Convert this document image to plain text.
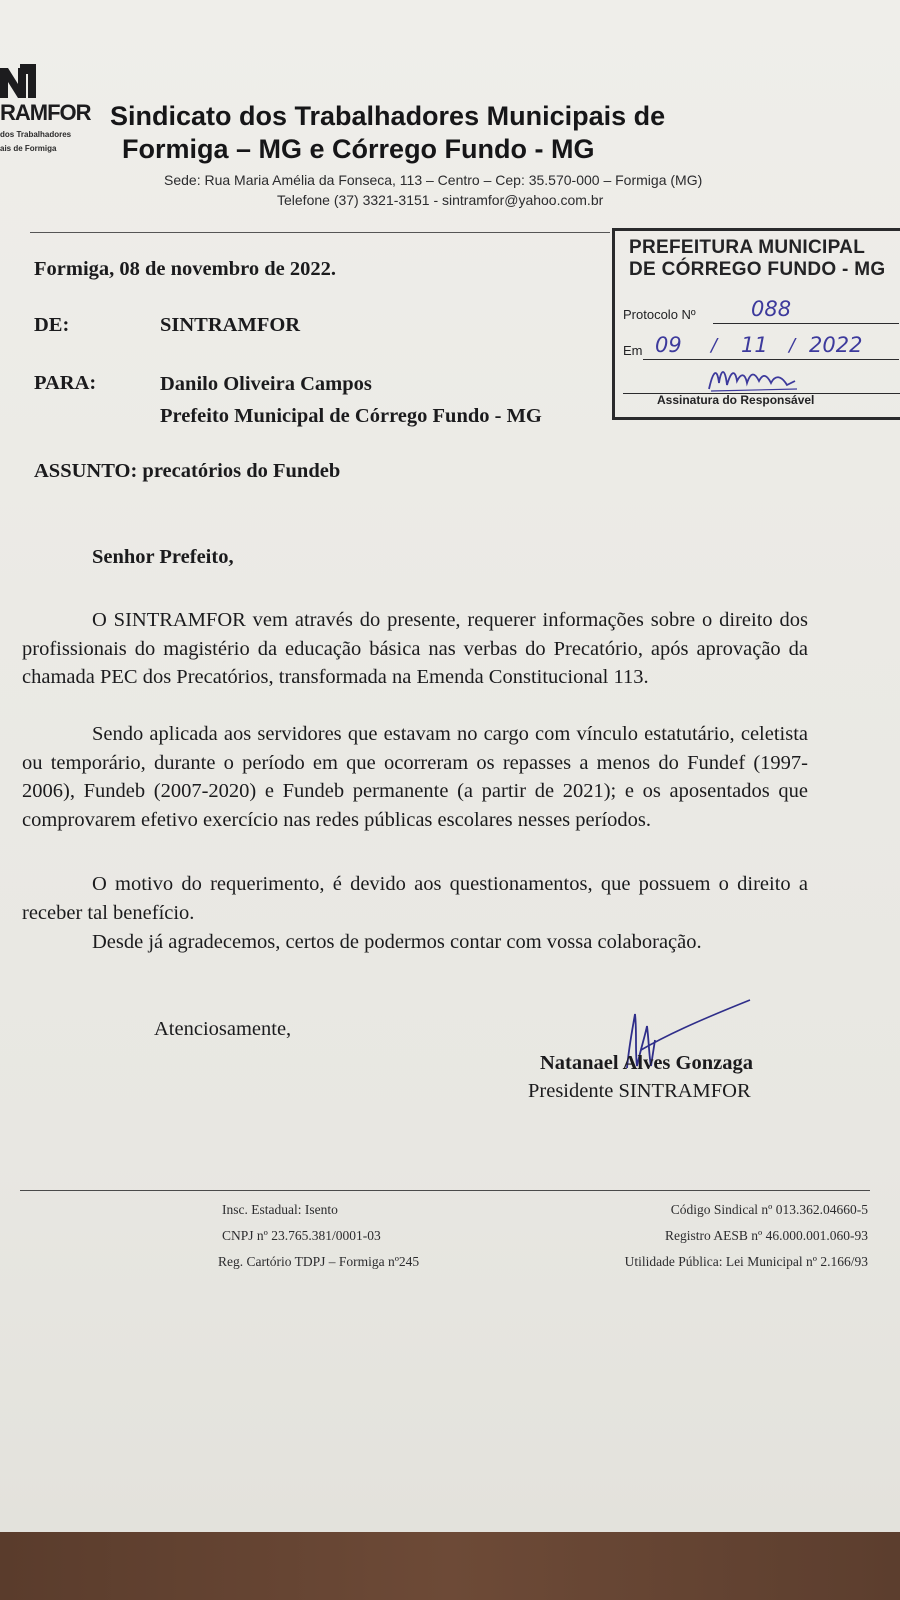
RAMFOR
dos Trabalhadores
ais de Formiga
Sindicato dos Trabalhadores Municipais de
Formiga – MG e Córrego Fundo - MG
Sede: Rua Maria Amélia da Fonseca, 113 – Centro – Cep: 35.570-000 – Formiga (MG)
Telefone (37) 3321-3151 - sintramfor@yahoo.com.br
PREFEITURA MUNICIPAL
DE CÓRREGO FUNDO - MG
Protocolo Nº	088
Em 09 / 11 / 2022
Assinatura do Responsável
Formiga, 08 de novembro de 2022.
DE:	SINTRAMFOR
PARA:	Danilo Oliveira Campos
Prefeito Municipal de Córrego Fundo - MG
ASSUNTO: precatórios do Fundeb
Senhor Prefeito,

O SINTRAMFOR vem através do presente, requerer informações sobre o direito dos profissionais do magistério da educação básica nas verbas do Precatório, após aprovação da chamada PEC dos Precatórios, transformada na Emenda Constitucional 113.

Sendo aplicada aos servidores que estavam no cargo com vínculo estatutário, celetista ou temporário, durante o período em que ocorreram os repasses a menos do Fundef (1997-2006), Fundeb (2007-2020) e Fundeb permanente (a partir de 2021); e os aposentados que comprovarem efetivo exercício nas redes públicas escolares nesses períodos.

O motivo do requerimento, é devido aos questionamentos, que possuem o direito a receber tal benefício.

Desde já agradecemos, certos de podermos contar com vossa colaboração.

Atenciosamente,
Natanael Alves Gonzaga
Presidente SINTRAMFOR
Insc. Estadual: Isento
CNPJ nº 23.765.381/0001-03
Reg. Cartório TDPJ – Formiga nº245
Código Sindical nº 013.362.04660-5
Registro AESB nº 46.000.001.060-93
Utilidade Pública: Lei Municipal nº 2.166/93
